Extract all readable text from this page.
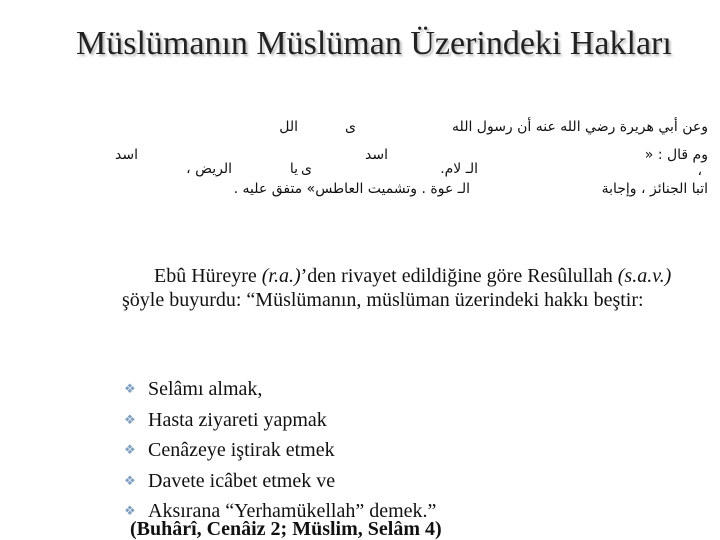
Müslümanın Müslüman Üzerindeki Hakları
وعن أبي هريرة رضي الله عنه أن رسول الله
ى
الل
وم قال : «
اسد
اسد
الـ لام.
ى
يا
الريض ،	،
اتبا الجنائز ، وإجابة
الـ عوة . وتشميت العاطس» متفق عليه .
Ebû Hüreyre (r.a.)’den rivayet edildiğine göre Resûlullah (s.a.v.) şöyle buyurdu: “Müslümanın, müslüman üzerindeki hakkı beştir:
❖ Selâmı almak,
❖ Hasta ziyareti yapmak
❖ Cenâzeye iştirak etmek
❖ Davete icâbet etmek ve
❖ Aksırana “Yerhamükellah” demek.”
(Buhârî, Cenâiz 2; Müslim, Selâm 4)
